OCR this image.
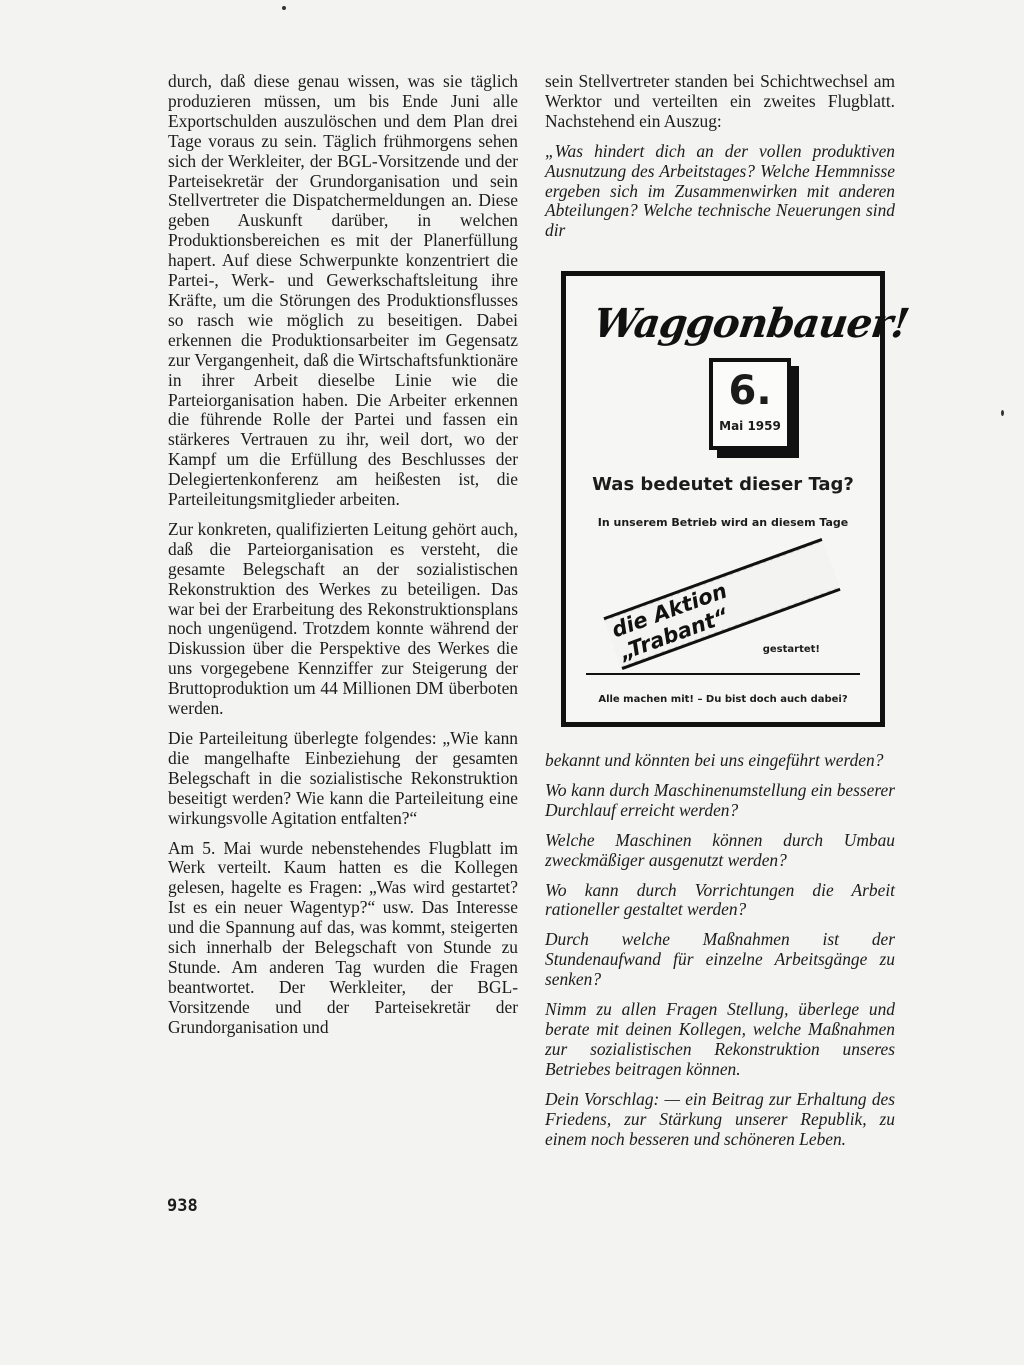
durch, daß diese genau wissen, was sie täglich produzieren müssen, um bis Ende Juni alle Exportschulden auszulöschen und dem Plan drei Tage voraus zu sein. Täglich frühmorgens sehen sich der Werkleiter, der BGL-Vorsitzende und der Parteisekretär der Grundorganisation und sein Stellvertreter die Dispatchermeldungen an. Diese geben Auskunft darüber, in welchen Produktionsbereichen es mit der Planerfüllung hapert. Auf diese Schwerpunkte konzentriert die Partei-, Werk- und Gewerkschaftsleitung ihre Kräfte, um die Störungen des Produktionsflusses so rasch wie möglich zu beseitigen. Dabei erkennen die Produktionsarbeiter im Gegensatz zur Vergangenheit, daß die Wirtschaftsfunktionäre in ihrer Arbeit dieselbe Linie wie die Parteiorganisation haben. Die Arbeiter erkennen die führende Rolle der Partei und fassen ein stärkeres Vertrauen zu ihr, weil dort, wo der Kampf um die Erfüllung des Beschlusses der Delegiertenkonferenz am heißesten ist, die Parteileitungsmitglieder arbeiten.

Zur konkreten, qualifizierten Leitung gehört auch, daß die Parteiorganisation es versteht, die gesamte Belegschaft an der sozialistischen Rekonstruktion des Werkes zu beteiligen. Das war bei der Erarbeitung des Rekonstruktionsplans noch ungenügend. Trotzdem konnte während der Diskussion über die Perspektive des Werkes die uns vorgegebene Kennziffer zur Steigerung der Bruttoproduktion um 44 Millionen DM überboten werden.

Die Parteileitung überlegte folgendes: „Wie kann die mangelhafte Einbeziehung der gesamten Belegschaft in die sozialistische Rekonstruktion beseitigt werden? Wie kann die Parteileitung eine wirkungsvolle Agitation entfalten?“

Am 5. Mai wurde nebenstehendes Flugblatt im Werk verteilt. Kaum hatten es die Kollegen gelesen, hagelte es Fragen: „Was wird gestartet? Ist es ein neuer Wagentyp?“ usw. Das Interesse und die Spannung auf das, was kommt, steigerten sich innerhalb der Belegschaft von Stunde zu Stunde. Am anderen Tag wurden die Fragen beantwortet. Der Werkleiter, der BGL-Vorsitzende und der Parteisekretär der Grundorganisation und

sein Stellvertreter standen bei Schichtwechsel am Werktor und verteilten ein zweites Flugblatt. Nachstehend ein Auszug:

„Was hindert dich an der vollen produktiven Ausnutzung des Arbeitstages? Welche Hemmnisse ergeben sich im Zusammenwirken mit anderen Abteilungen? Welche technische Neuerungen sind dir

Waggonbauer!
6.
Mai 1959
Was bedeutet dieser Tag?
In unserem Betrieb wird an diesem Tage
die Aktion „Trabant“	gestartet!
Alle machen mit! – Du bist doch auch dabei?

bekannt und könnten bei uns eingeführt werden?

Wo kann durch Maschinenumstellung ein besserer Durchlauf erreicht werden?

Welche Maschinen können durch Umbau zweckmäßiger ausgenutzt werden?

Wo kann durch Vorrichtungen die Arbeit rationeller gestaltet werden?

Durch welche Maßnahmen ist der Stundenaufwand für einzelne Arbeitsgänge zu senken?

Nimm zu allen Fragen Stellung, überlege und berate mit deinen Kollegen, welche Maßnahmen zur sozialistischen Rekonstruktion unseres Betriebes beitragen können.

Dein Vorschlag: — ein Beitrag zur Erhaltung des Friedens, zur Stärkung unserer Republik, zu einem noch besseren und schöneren Leben.

938
